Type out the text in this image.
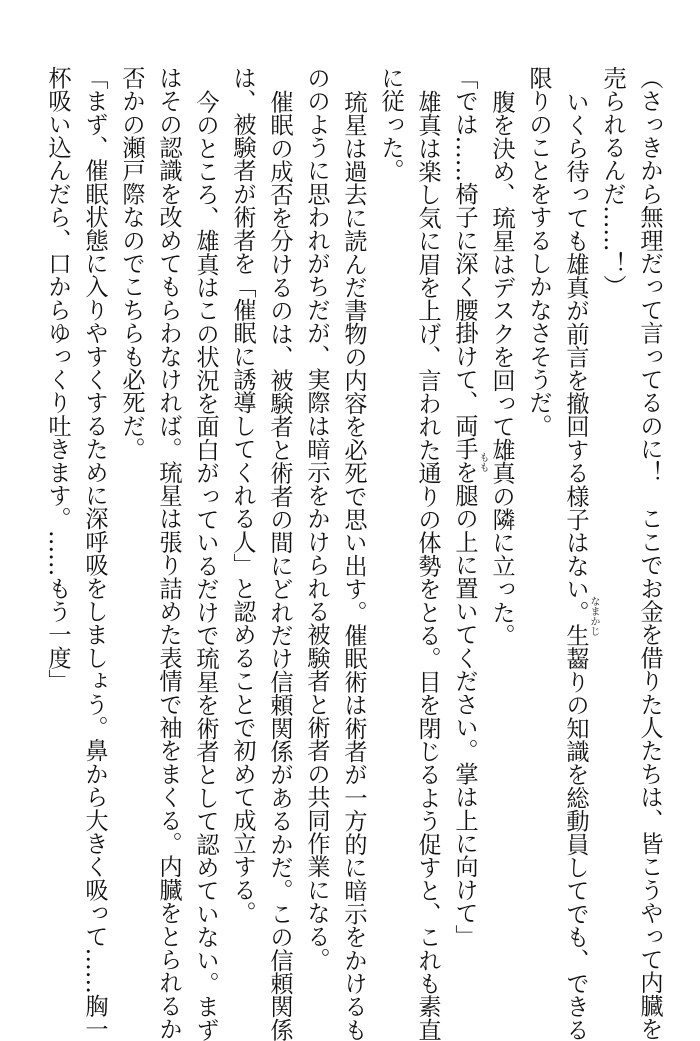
（さっきから無理だって言ってるのに！　ここでお金を借りた人たちは、皆こうやって内臓を
売られるんだ……！）
いくら待っても雄真が前言を撤回する様子はない。生齧りの知識を総動員してでも、できる
限りのことをするしかなさそうだ。
腹を決め、琉星はデスクを回って雄真の隣に立った。
「では……椅子に深く腰掛けて、両手を腿の上に置いてください。掌は上に向けて」
雄真は楽し気に眉を上げ、言われた通りの体勢をとる。目を閉じるよう促すと、これも素直
に従った。
琉星は過去に読んだ書物の内容を必死で思い出す。催眠術は術者が一方的に暗示をかけるも
ののように思われがちだが、実際は暗示をかけられる被験者と術者の共同作業になる。
催眠の成否を分けるのは、被験者と術者の間にどれだけ信頼関係があるかだ。この信頼関係
は、被験者が術者を「催眠に誘導してくれる人」と認めることで初めて成立する。
今のところ、雄真はこの状況を面白がっているだけで琉星を術者として認めていない。まず
はその認識を改めてもらわなければ。琉星は張り詰めた表情で袖をまくる。内臓をとられるか
否かの瀬戸際なのでこちらも必死だ。
「まず、催眠状態に入りやすくするために深呼吸をしましょう。鼻から大きく吸って……胸一
杯吸い込んだら、口からゆっくり吐きます。……もう一度」	なまかじ
もも
